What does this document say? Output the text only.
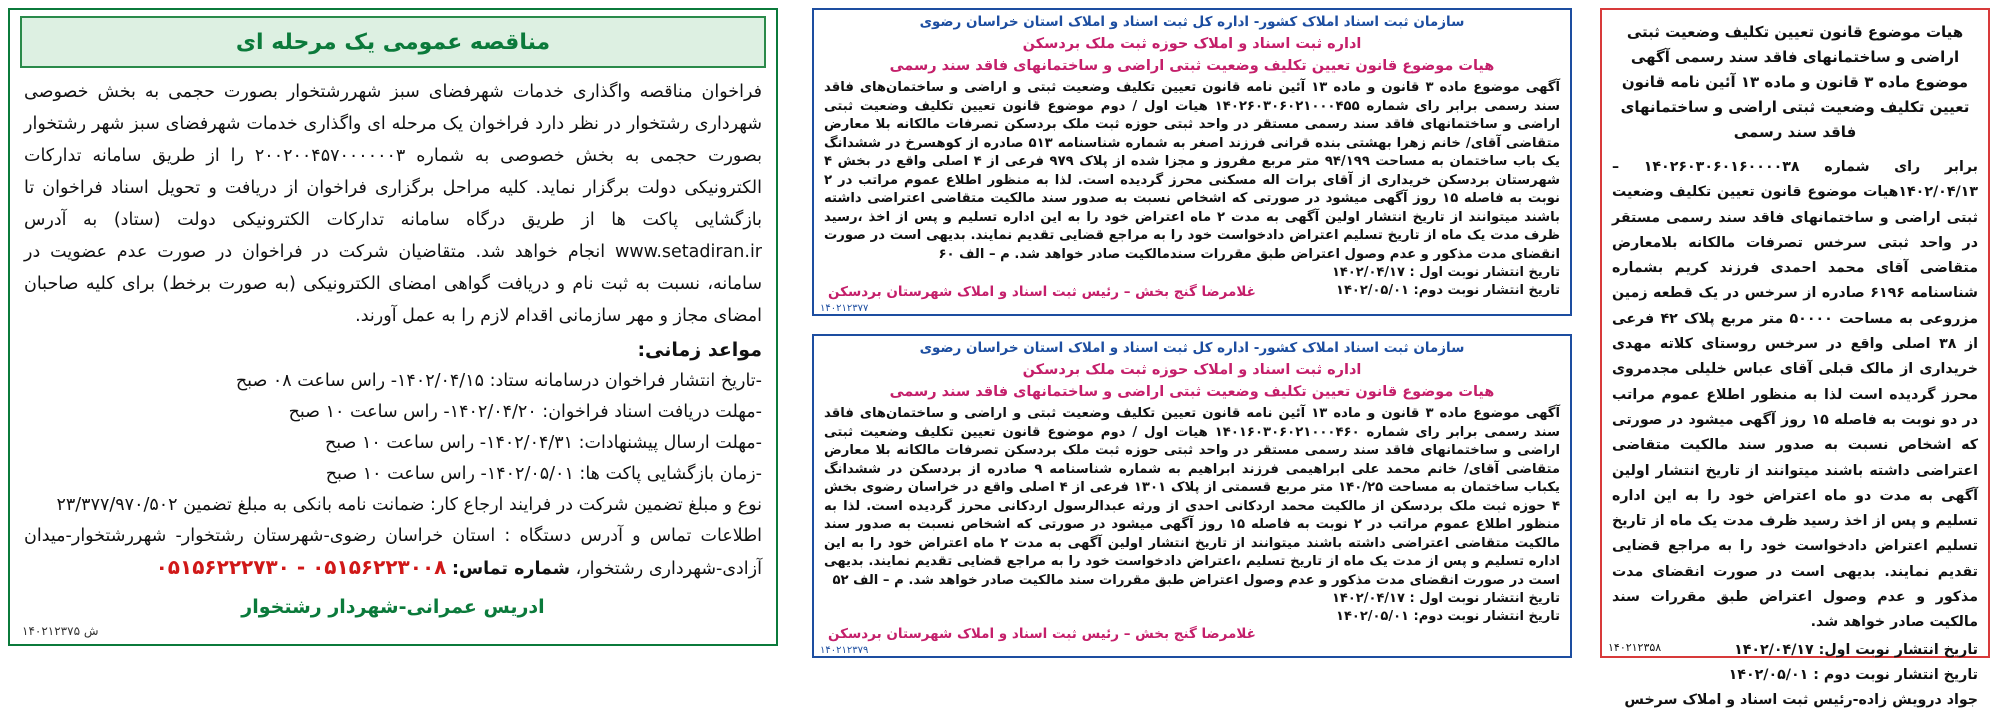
مناقصه عمومی یک مرحله ای

فراخوان مناقصه واگذاری خدمات شهرفضای سبز شهررشتخوار بصورت حجمی به بخش خصوصی شهرداری رشتخوار در نظر دارد فراخوان یک مرحله ای واگذاری خدمات شهرفضای سبز شهر رشتخوار بصورت حجمی به بخش خصوصی به شماره ۲۰۰۲۰۰۴۵۷۰۰۰۰۰۰۳ را از طریق سامانه تدارکات الکترونیکی دولت برگزار نماید. کلیه مراحل برگزاری فراخوان از دریافت و تحویل اسناد فراخوان تا بازگشایی پاکت ها از طریق درگاه سامانه تدارکات الکترونیکی دولت (ستاد) به آدرس www.setadiran.ir انجام خواهد شد. متقاضیان شرکت در فراخوان در صورت عدم عضویت در سامانه، نسبت به ثبت نام و دریافت گواهی امضای الکترونیکی (به صورت برخط) برای کلیه صاحبان امضای مجاز و مهر سازمانی اقدام لازم را به عمل آورند.

مواعد زمانی:

-تاریخ انتشار فراخوان درسامانه ستاد: ۱۴۰۲/۰۴/۱۵- راس ساعت ۰۸ صبح

-مهلت دریافت اسناد فراخوان: ۱۴۰۲/۰۴/۲۰- راس ساعت ۱۰ صبح

-مهلت ارسال پیشنهادات: ۱۴۰۲/۰۴/۳۱- راس ساعت ۱۰ صبح

-زمان بازگشایی پاکت ها: ۱۴۰۲/۰۵/۰۱- راس ساعت ۱۰ صبح

نوع و مبلغ تضمین شرکت در فرایند ارجاع کار: ضمانت نامه بانکی به مبلغ تضمین ۲۳/۳۷۷/۹۷۰/۵۰۲

اطلاعات تماس و آدرس دستگاه : استان خراسان رضوی-شهرستان رشتخوار- شهررشتخوار-میدان آزادی-شهرداری رشتخوار، شماره تماس: ۰۵۱۵۶۲۲۳۰۰۸ - ۰۵۱۵۶۲۲۲۷۳۰

ادریس عمرانی-شهردار رشتخوار

۱۴۰۲۱۲۳۷۵ ش

سازمان ثبت اسناد املاک کشور- اداره کل ثبت اسناد و املاک استان خراسان رضوی

اداره ثبت اسناد و املاک حوزه ثبت ملک بردسکن

هیات موضوع قانون تعیین تکلیف وضعیت ثبتی اراضی و ساختمانهای فاقد سند رسمی

آگهی موضوع ماده ۳ قانون و ماده ۱۳ آئین نامه قانون تعیین تکلیف وضعیت ثبتی و اراضی و ساختمان‌های فاقد سند رسمی برابر رای شماره ۱۴۰۲۶۰۳۰۶۰۲۱۰۰۰۴۵۵ هیات اول / دوم موضوع قانون تعیین تکلیف وضعیت ثبتی اراضی و ساختمانهای فاقد سند رسمی مستقر در واحد ثبتی حوزه ثبت ملک بردسکن تصرفات مالکانه بلا معارض متقاضی آقای/ خانم زهرا بهشتی بنده قرانی فرزند اصغر به شماره شناسنامه ۵۱۳ صادره از کوهسرخ در ششدانگ یک باب ساختمان به مساحت ۹۴/۱۹۹ متر مربع مفروز و مجزا شده از پلاک ۹۷۹ فرعی از ۴ اصلی واقع در بخش ۴ شهرستان بردسکن خریداری از آقای برات اله مسکنی محرز گردیده است. لذا به منظور اطلاع عموم مراتب در ۲ نوبت به فاصله ۱۵ روز آگهی میشود در صورتی که اشخاص نسبت به صدور سند مالکیت متقاضی اعتراضی داشته باشند میتوانند از تاریخ انتشار اولین آگهی به مدت ۲ ماه اعتراض خود را به این اداره تسلیم و پس از اخذ ،رسید ظرف مدت یک ماه از تاریخ تسلیم اعتراض دادخواست خود را به مراجع قضایی تقدیم نمایند. بدیهی است در صورت انقضای مدت مذکور و عدم وصول اعتراض طبق مقررات سندمالکیت صادر خواهد شد. م – الف ۶۰

تاریخ انتشار نوبت اول : ۱۴۰۲/۰۴/۱۷

تاریخ انتشار نوبت دوم: ۱۴۰۲/۰۵/۰۱

غلامرضا گنج بخش – رئیس ثبت اسناد و املاک شهرستان بردسکن
۱۴۰۲۱۲۳۷۷

سازمان ثبت اسناد املاک کشور- اداره کل ثبت اسناد و املاک استان خراسان رضوی

اداره ثبت اسناد و املاک حوزه ثبت ملک بردسکن

هیات موضوع قانون تعیین تکلیف وضعیت ثبتی اراضی و ساختمانهای فاقد سند رسمی

آگهی موضوع ماده ۳ قانون و ماده ۱۳ آئین نامه قانون تعیین تکلیف وضعیت ثبتی و اراضی و ساختمان‌های فاقد سند رسمی برابر رای شماره ۱۴۰۱۶۰۳۰۶۰۲۱۰۰۰۴۶۰ هیات اول / دوم موضوع قانون تعیین تکلیف وضعیت ثبتی اراضی و ساختمانهای فاقد سند رسمی مستقر در واحد ثبتی حوزه ثبت ملک بردسکن تصرفات مالکانه بلا معارض متقاضی آقای/ خانم محمد علی ابراهیمی فرزند ابراهیم به شماره شناسنامه ۹ صادره از بردسکن در ششدانگ یکباب ساختمان به مساحت ۱۴۰/۲۵ متر مربع قسمتی از پلاک ۱۳۰۱ فرعی از ۴ اصلی واقع در خراسان رضوی بخش ۴ حوزه ثبت ملک بردسکن از مالکیت محمد اردکانی احدی از ورثه عبدالرسول اردکانی محرز گردیده است. لذا به منظور اطلاع عموم مراتب در ۲ نوبت به فاصله ۱۵ روز آگهی میشود در صورتی که اشخاص نسبت به صدور سند مالکیت متقاضی اعتراضی داشته باشند میتوانند از تاریخ انتشار اولین آگهی به مدت ۲ ماه اعتراض خود را به این اداره تسلیم و پس از مدت یک ماه از تاریخ تسلیم ،اعتراض دادخواست خود را به مراجع قضایی تقدیم نمایند. بدیهی است در صورت انقضای مدت مذکور و عدم وصول اعتراض طبق مقررات سند مالکیت صادر خواهد شد. م – الف ۵۲

تاریخ انتشار نوبت اول : ۱۴۰۲/۰۴/۱۷

تاریخ انتشار نوبت دوم: ۱۴۰۲/۰۵/۰۱

غلامرضا گنج بخش – رئیس ثبت اسناد و املاک شهرستان بردسکن
۱۴۰۲۱۲۳۷۹

هیات موضوع قانون تعیین تکلیف وضعیت ثبتی اراضی و ساختمانهای فاقد سند رسمی آگهی موضوع ماده ۳ قانون و ماده ۱۳ آئین نامه قانون تعیین تکلیف وضعیت ثبتی اراضی و ساختمانهای فاقد سند رسمی

برابر رای شماره ۱۴۰۲۶۰۳۰۶۰۱۶۰۰۰۰۳۸ – ۱۴۰۲/۰۴/۱۳هیات موضوع قانون تعیین تکلیف وضعیت ثبتی اراضی و ساختمانهای فاقد سند رسمی مستقر در واحد ثبتی سرخس تصرفات مالکانه بلامعارض متقاضی آقای محمد احمدی فرزند کریم بشماره شناسنامه ۶۱۹۶ صادره از سرخس در یک قطعه زمین مزروعی به مساحت ۵۰۰۰۰ متر مربع پلاک ۴۲ فرعی از ۳۸ اصلی واقع در سرخس روستای کلاته مهدی خریداری از مالک قبلی آقای عباس خلیلی مجدمروی محرز گردیده است لذا به منظور اطلاع عموم مراتب در دو نوبت به فاصله ۱۵ روز آگهی میشود در صورتی که اشخاص نسبت به صدور سند مالکیت متقاضی اعتراضی داشته باشند میتوانند از تاریخ انتشار اولین آگهی به مدت دو ماه اعتراض خود را به این اداره تسلیم و پس از اخذ رسید ظرف مدت یک ماه از تاریخ تسلیم اعتراض دادخواست خود را به مراجع قضایی تقدیم نمایند. بدیهی است در صورت انقضای مدت مذکور و عدم وصول اعتراض طبق مقررات سند مالکیت صادر خواهد شد.

تاریخ انتشار نوبت اول: ۱۴۰۲/۰۴/۱۷

تاریخ انتشار نوبت دوم : ۱۴۰۲/۰۵/۰۱

جواد درویش زاده-رئیس ثبت اسناد و املاک سرخس

۱۴۰۲۱۲۳۵۸
